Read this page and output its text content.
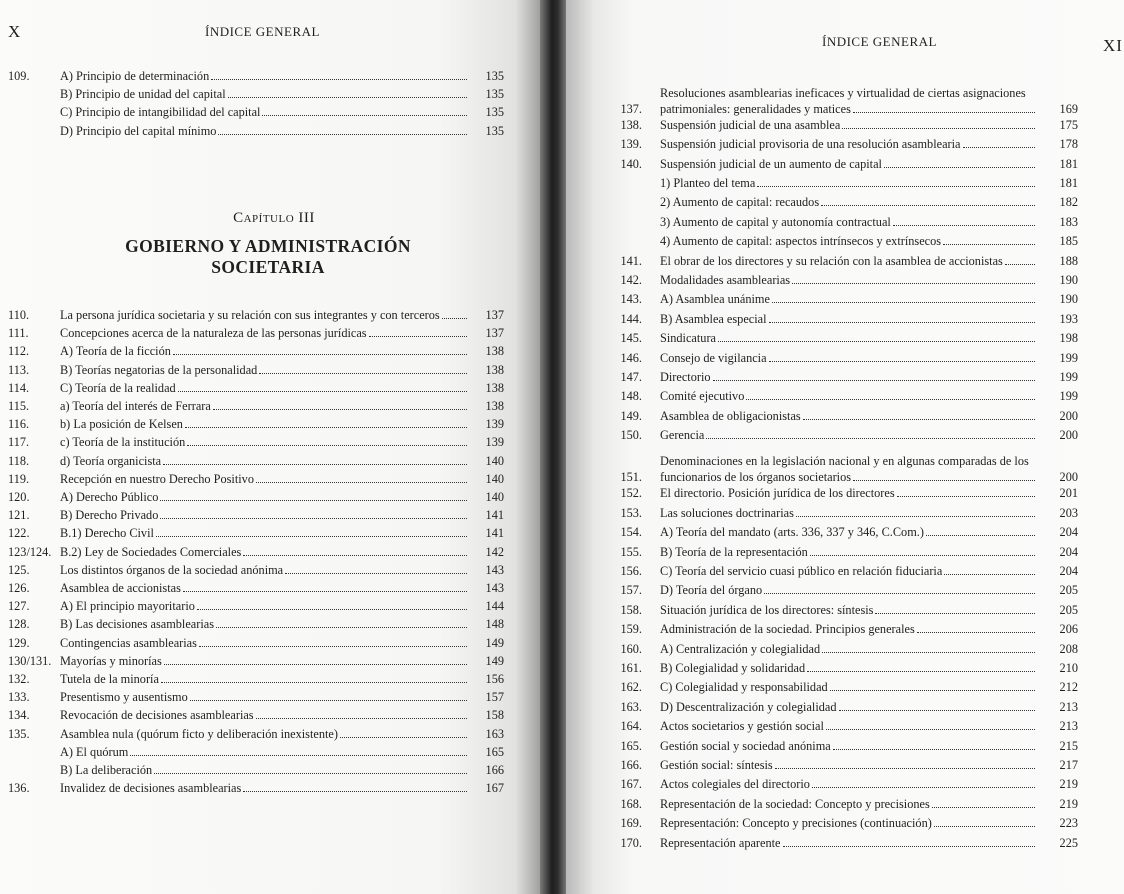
X	ÍNDICE GENERAL
109.	A) Principio de determinación	135
B) Principio de unidad del capital	135
C) Principio de intangibilidad del capital	135
D) Principio del capital mínimo	135
Capítulo III
GOBIERNO Y ADMINISTRACIÓN SOCIETARIA
110.	La persona jurídica societaria y su relación con sus integrantes y con terceros	137
111.	Concepciones acerca de la naturaleza de las personas jurídicas	137
112.	A) Teoría de la ficción	138
113.	B) Teorías negatorias de la personalidad	138
114.	C) Teoría de la realidad	138
115.	a) Teoría del interés de Ferrara	138
116.	b) La posición de Kelsen	139
117.	c) Teoría de la institución	139
118.	d) Teoría organicista	140
119.	Recepción en nuestro Derecho Positivo	140
120.	A) Derecho Público	140
121.	B) Derecho Privado	141
122.	B.1) Derecho Civil	141
123/124. B.2) Ley de Sociedades Comerciales	142
125.	Los distintos órganos de la sociedad anónima	143
126.	Asamblea de accionistas	143
127.	A) El principio mayoritario	144
128.	B) Las decisiones asamblearias	148
129.	Contingencias asamblearias	149
130/131. Mayorías y minorías	149
132.	Tutela de la minoría	156
133.	Presentismo y ausentismo	157
134.	Revocación de decisiones asamblearias	158
135.	Asamblea nula (quórum ficto y deliberación inexistente)	163
A) El quórum	165
B) La deliberación	166
136.	Invalidez de decisiones asamblearias	167
ÍNDICE GENERAL	XI
137.
Resoluciones asamblearias ineficaces y virtualidad de ciertas asignaciones
patrimoniales: generalidades y matices	169
138.	Suspensión judicial de una asamblea	175
139.	Suspensión judicial provisoria de una resolución asamblearia	178
140.	Suspensión judicial de un aumento de capital	181
1) Planteo del tema	181
2) Aumento de capital: recaudos	182
3) Aumento de capital y autonomía contractual	183
4) Aumento de capital: aspectos intrínsecos y extrínsecos	185
141.	El obrar de los directores y su relación con la asamblea de accionistas	188
142.	Modalidades asamblearias	190
143.	A) Asamblea unánime	190
144.	B) Asamblea especial	193
145.	Sindicatura	198
146.	Consejo de vigilancia	199
147.	Directorio	199
148.	Comité ejecutivo	199
149.	Asamblea de obligacionistas	200
150.	Gerencia	200
151.
Denominaciones en la legislación nacional y en algunas comparadas de los
funcionarios de los órganos societarios	200
152.	El directorio. Posición jurídica de los directores	201
153.	Las soluciones doctrinarias	203
154.	A) Teoría del mandato (arts. 336, 337 y 346, C.Com.)	204
155.	B) Teoría de la representación	204
156.	C) Teoría del servicio cuasi público en relación fiduciaria	204
157.	D) Teoría del órgano	205
158.	Situación jurídica de los directores: síntesis	205
159.	Administración de la sociedad. Principios generales	206
160.	A) Centralización y colegialidad	208
161.	B) Colegialidad y solidaridad	210
162.	C) Colegialidad y responsabilidad	212
163.	D) Descentralización y colegialidad	213
164.	Actos societarios y gestión social	213
165.	Gestión social y sociedad anónima	215
166.	Gestión social: síntesis	217
167.	Actos colegiales del directorio	219
168.	Representación de la sociedad: Concepto y precisiones	219
169.	Representación: Concepto y precisiones (continuación)	223
170.	Representación aparente	225
